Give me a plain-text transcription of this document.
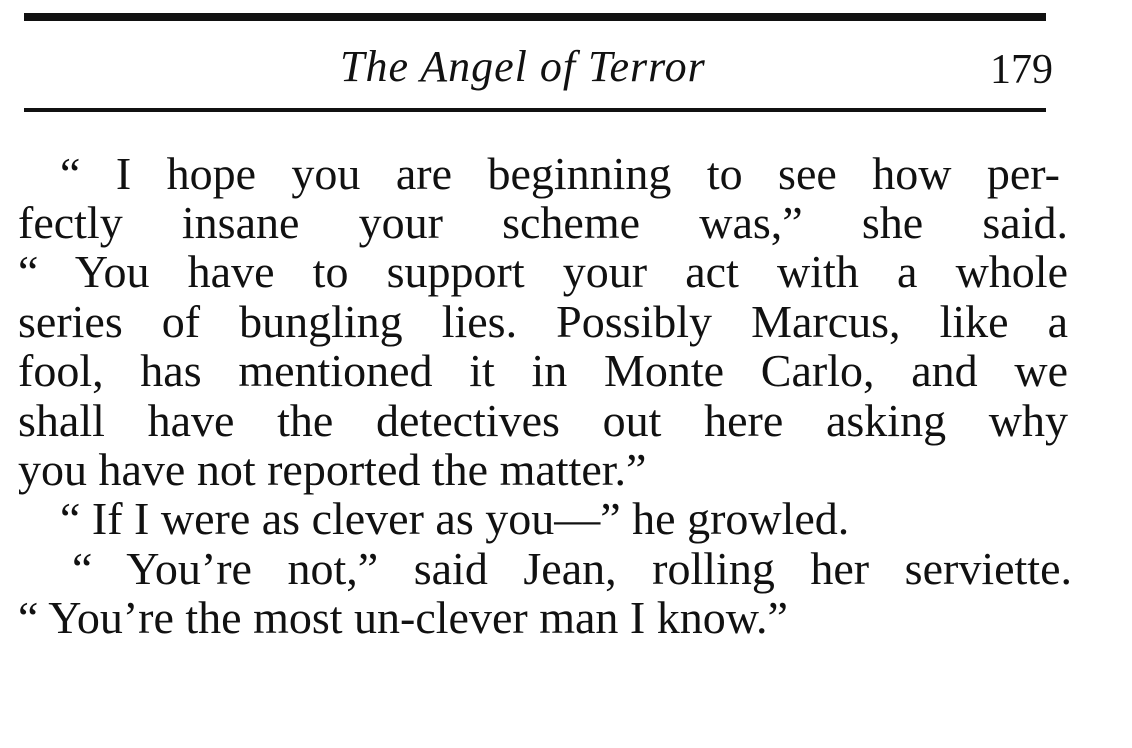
The Angel of Terror	179
“ I hope you are beginning to see how per-
fectly insane your scheme was,” she said.
“ You have to support your act with a whole
series of bungling lies. Possibly Marcus, like a
fool, has mentioned it in Monte Carlo, and we
shall have the detectives out here asking why
you have not reported the matter.”
“ If I were as clever as you—” he growled.
“ You’re not,” said Jean, rolling her serviette.
“ You’re the most un-clever man I know.”
